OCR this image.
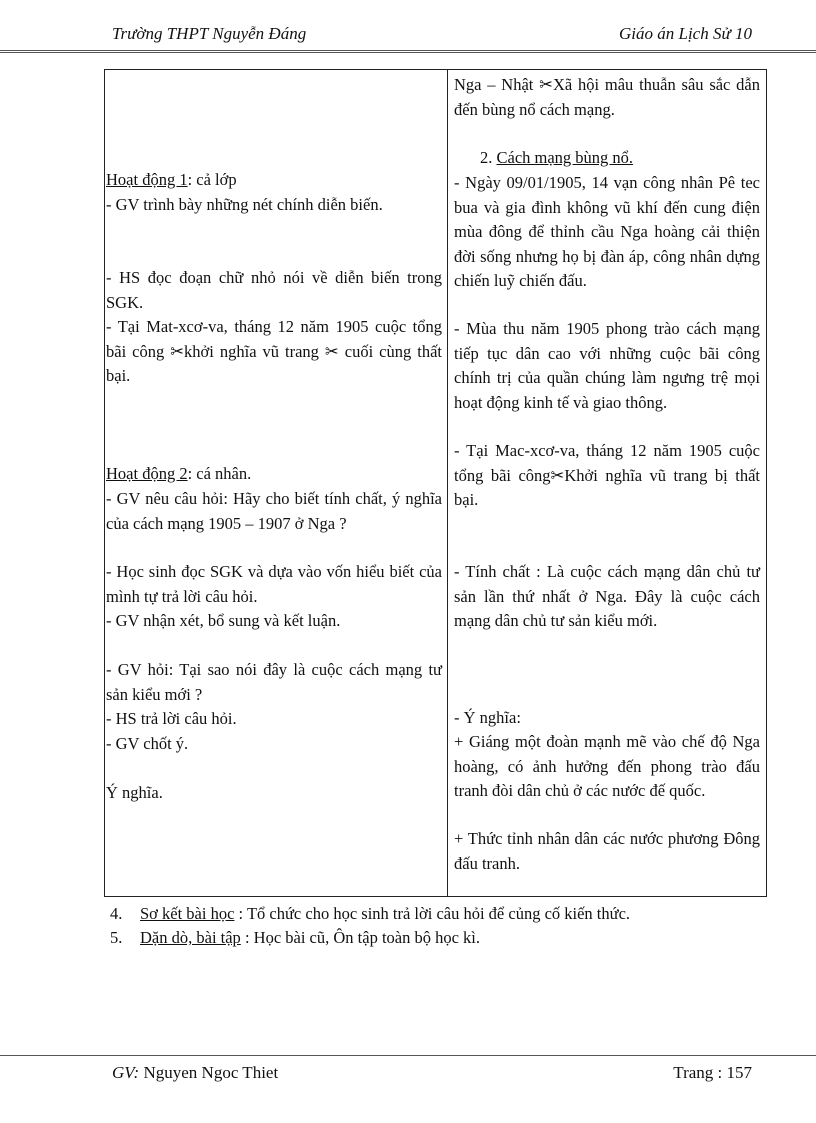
Trường THPT Nguyễn Đáng	Giáo án Lịch Sử 10
Hoạt động 1: cả lớp
- GV trình bày những nét chính diễn biến.
- HS đọc đoạn chữ nhỏ nói về diễn biến trong SGK.
- Tại Mat-xcơ-va, tháng 12 năm 1905 cuộc tổng bãi công ✂khởi nghĩa vũ trang ✂ cuối cùng thất bại.
Hoạt động 2: cá nhân.
- GV nêu câu hỏi: Hãy cho biết tính chất, ý nghĩa của cách mạng 1905 – 1907 ở Nga ?
- Học sinh đọc SGK và dựa vào vốn hiểu biết của mình tự trả lời câu hỏi.
- GV nhận xét, bổ sung và kết luận.
- GV hỏi: Tại sao nói đây là cuộc cách mạng tư sản kiểu mới ?
- HS trả lời câu hỏi.
- GV chốt ý.
Ý nghĩa.
Nga – Nhật ✂Xã hội mâu thuẫn sâu sắc dẫn đến bùng nổ cách mạng.
2. Cách mạng bùng nổ.
- Ngày 09/01/1905, 14 vạn công nhân Pê tec bua và gia đình không vũ khí đến cung điện mùa đông để thỉnh cầu Nga hoàng cải thiện đời sống nhưng họ bị đàn áp, công nhân dựng chiến luỹ chiến đấu.
- Mùa thu năm 1905 phong trào cách mạng tiếp tục dân cao với những cuộc bãi công chính trị của quần chúng làm ngưng trệ mọi hoạt động kinh tế và giao thông.
- Tại Mac-xcơ-va, tháng 12 năm 1905 cuộc tổng bãi công✂Khởi nghĩa vũ trang bị thất bại.
- Tính chất : Là cuộc cách mạng dân chủ tư sản lần thứ nhất ở Nga. Đây là cuộc cách mạng dân chủ tư sản kiểu mới.
- Ý nghĩa:
+ Giáng một đoàn mạnh mẽ vào chế độ Nga hoàng, có ảnh hưởng đến phong trào đấu tranh đòi dân chủ ở các nước đế quốc.
+ Thức tỉnh nhân dân các nước phương Đông đấu tranh.
4. Sơ kết bài học : Tổ chức cho học sinh trả lời câu hỏi để củng cố kiến thức.
5. Dặn dò, bài tập : Học bài cũ, Ôn tập toàn bộ học kì.
GV: Nguyen Ngoc Thiet	Trang : 157
